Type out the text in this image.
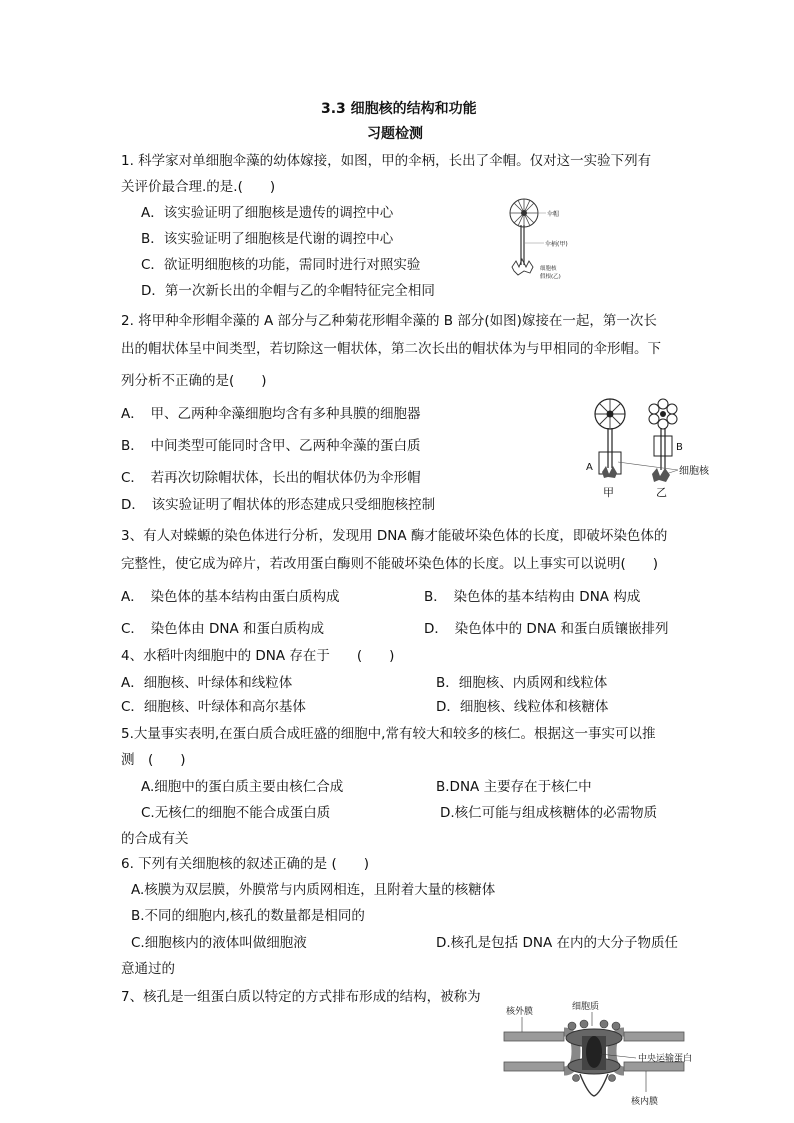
3.3 细胞核的结构和功能
习题检测
1. 科学家对单细胞伞藻的幼体嫁接，如图，甲的伞柄，长出了伞帽。仅对这一实验下列有
关评价最合理.的是.(　　)
A．该实验证明了细胞核是遗传的调控中心
B．该实验证明了细胞核是代谢的调控中心
C．欲证明细胞核的功能，需同时进行对照实验
D．第一次新长出的伞帽与乙的伞帽特征完全相同
伞帽
伞柄(甲)
细胞核
假根(乙)
2. 将甲种伞形帽伞藻的 A 部分与乙种菊花形帽伞藻的 B 部分(如图)嫁接在一起，第一次长
出的帽状体呈中间类型，若切除这一帽状体，第二次长出的帽状体为与甲相同的伞形帽。下
列分析不正确的是(　　)
A．　甲、乙两种伞藻细胞均含有多种具膜的细胞器
B．　中间类型可能同时含甲、乙两种伞藻的蛋白质
C．　若再次切除帽状体，长出的帽状体仍为伞形帽
D．　该实验证明了帽状体的形态建成只受细胞核控制
A
甲
B
细胞核
乙
3、有人对蝾螈的染色体进行分析，发现用 DNA 酶才能破坏染色体的长度，即破坏染色体的
完整性，使它成为碎片，若改用蛋白酶则不能破坏染色体的长度。以上事实可以说明(　　)
A．　染色体的基本结构由蛋白质构成	B．　染色体的基本结构由 DNA 构成
C．　染色体由 DNA 和蛋白质构成	D．　染色体中的 DNA 和蛋白质镶嵌排列
4、水稻叶肉细胞中的 DNA 存在于　　(　　)
A．细胞核、叶绿体和线粒体	B．细胞核、内质网和线粒体
C．细胞核、叶绿体和高尔基体	D．细胞核、线粒体和核糖体
5.大量事实表明,在蛋白质合成旺盛的细胞中,常有较大和较多的核仁。根据这一事实可以推
测　(　　)
A.细胞中的蛋白质主要由核仁合成	B.DNA 主要存在于核仁中
C.无核仁的细胞不能合成蛋白质	D.核仁可能与组成核糖体的必需物质
的合成有关
6. 下列有关细胞核的叙述正确的是 (　　)
A.核膜为双层膜，外膜常与内质网相连，且附着大量的核糖体
B.不同的细胞内,核孔的数量都是相同的
C.细胞核内的液体叫做细胞液	D.核孔是包括 DNA 在内的大分子物质任
意通过的
7、核孔是一组蛋白质以特定的方式排布形成的结构，被称为
核外膜	细胞质
中央运输蛋白
核内膜
